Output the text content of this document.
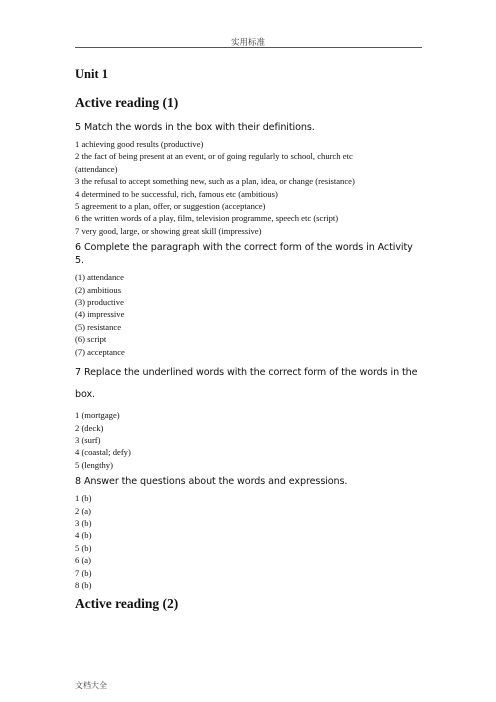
实用标准
Unit 1
Active reading (1)
5 Match the words in the box with their definitions.
1 achieving good results (productive)
2 the fact of being present at an event, or of going regularly to school, church etc
(attendance)
3 the refusal to accept something new, such as a plan, idea, or change (resistance)
4 determined to be successful, rich, famous etc (ambitious)
5 agreement to a plan, offer, or suggestion (acceptance)
6 the written words of a play, film, television programme, speech etc (script)
7 very good, large, or showing great skill (impressive)
6 Complete the paragraph with the correct form of the words in Activity 5.
(1) attendance
(2) ambitious
(3) productive
(4) impressive
(5) resistance
(6) script
(7) acceptance
7 Replace the underlined words with the correct form of the words in the
box.
1 (mortgage)
2 (deck)
3 (surf)
4 (coastal; defy)
5 (lengthy)
8 Answer the questions about the words and expressions.
1 (b)
2 (a)
3 (b)
4 (b)
5 (b)
6 (a)
7 (b)
8 (b)
Active reading (2)
文档大全
